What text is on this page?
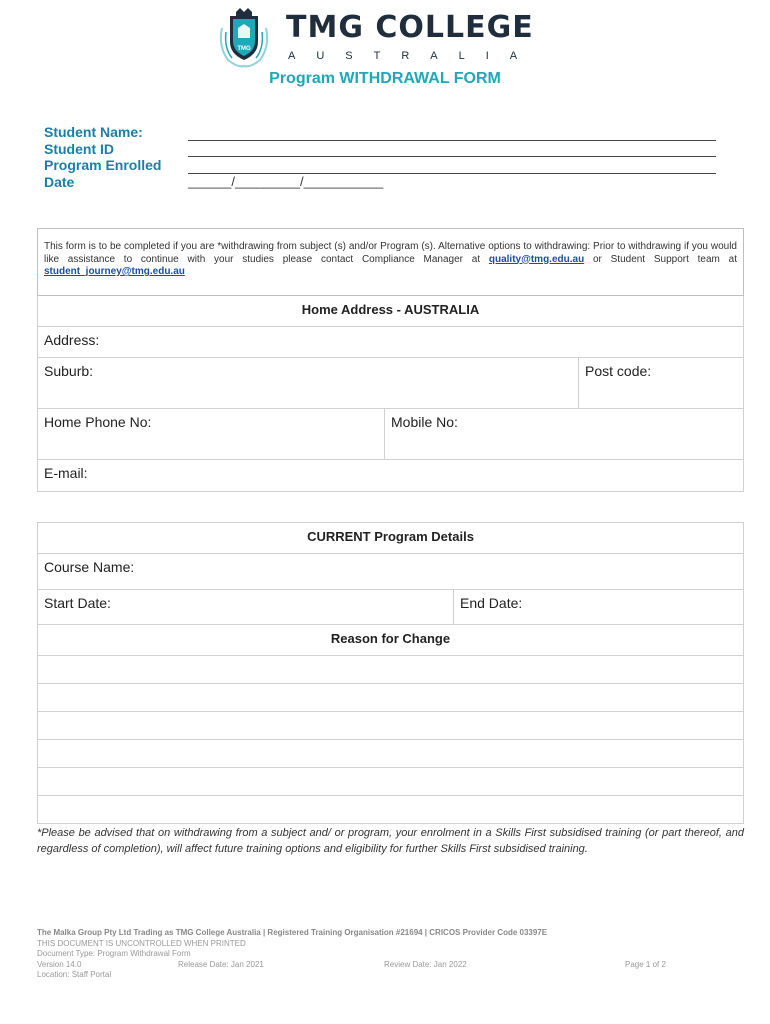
TMG
TMG COLLEGE
AUSTRALIA
Program WITHDRAWAL FORM
Student Name:
Student ID
Program Enrolled
Date	______/_________/___________
This form is to be completed if you are *withdrawing from subject (s) and/or Program (s). Alternative options to withdrawing: Prior to withdrawing if you would like assistance to continue with your studies please contact Compliance Manager at quality@tmg.edu.au or Student Support team at student_journey@tmg.edu.au
Home Address - AUSTRALIA
Address:
Suburb:	Post code:
Home Phone No:	Mobile No:
E-mail:
CURRENT Program Details
Course Name:
Start Date:	End Date:
Reason for Change
*Please be advised that on withdrawing from a subject and/ or program, your enrolment in a Skills First subsidised training (or part thereof, and regardless of completion), will affect future training options and eligibility for further Skills First subsidised training.
The Malka Group Pty Ltd Trading as TMG College Australia | Registered Training Organisation #21694 | CRICOS Provider Code 03397E
THIS DOCUMENT IS UNCONTROLLED WHEN PRINTED
Document Type: Program Withdrawal Form
Version 14.0	Release Date: Jan 2021	Review Date: Jan 2022	Page 1 of 2
Location: Staff Portal
